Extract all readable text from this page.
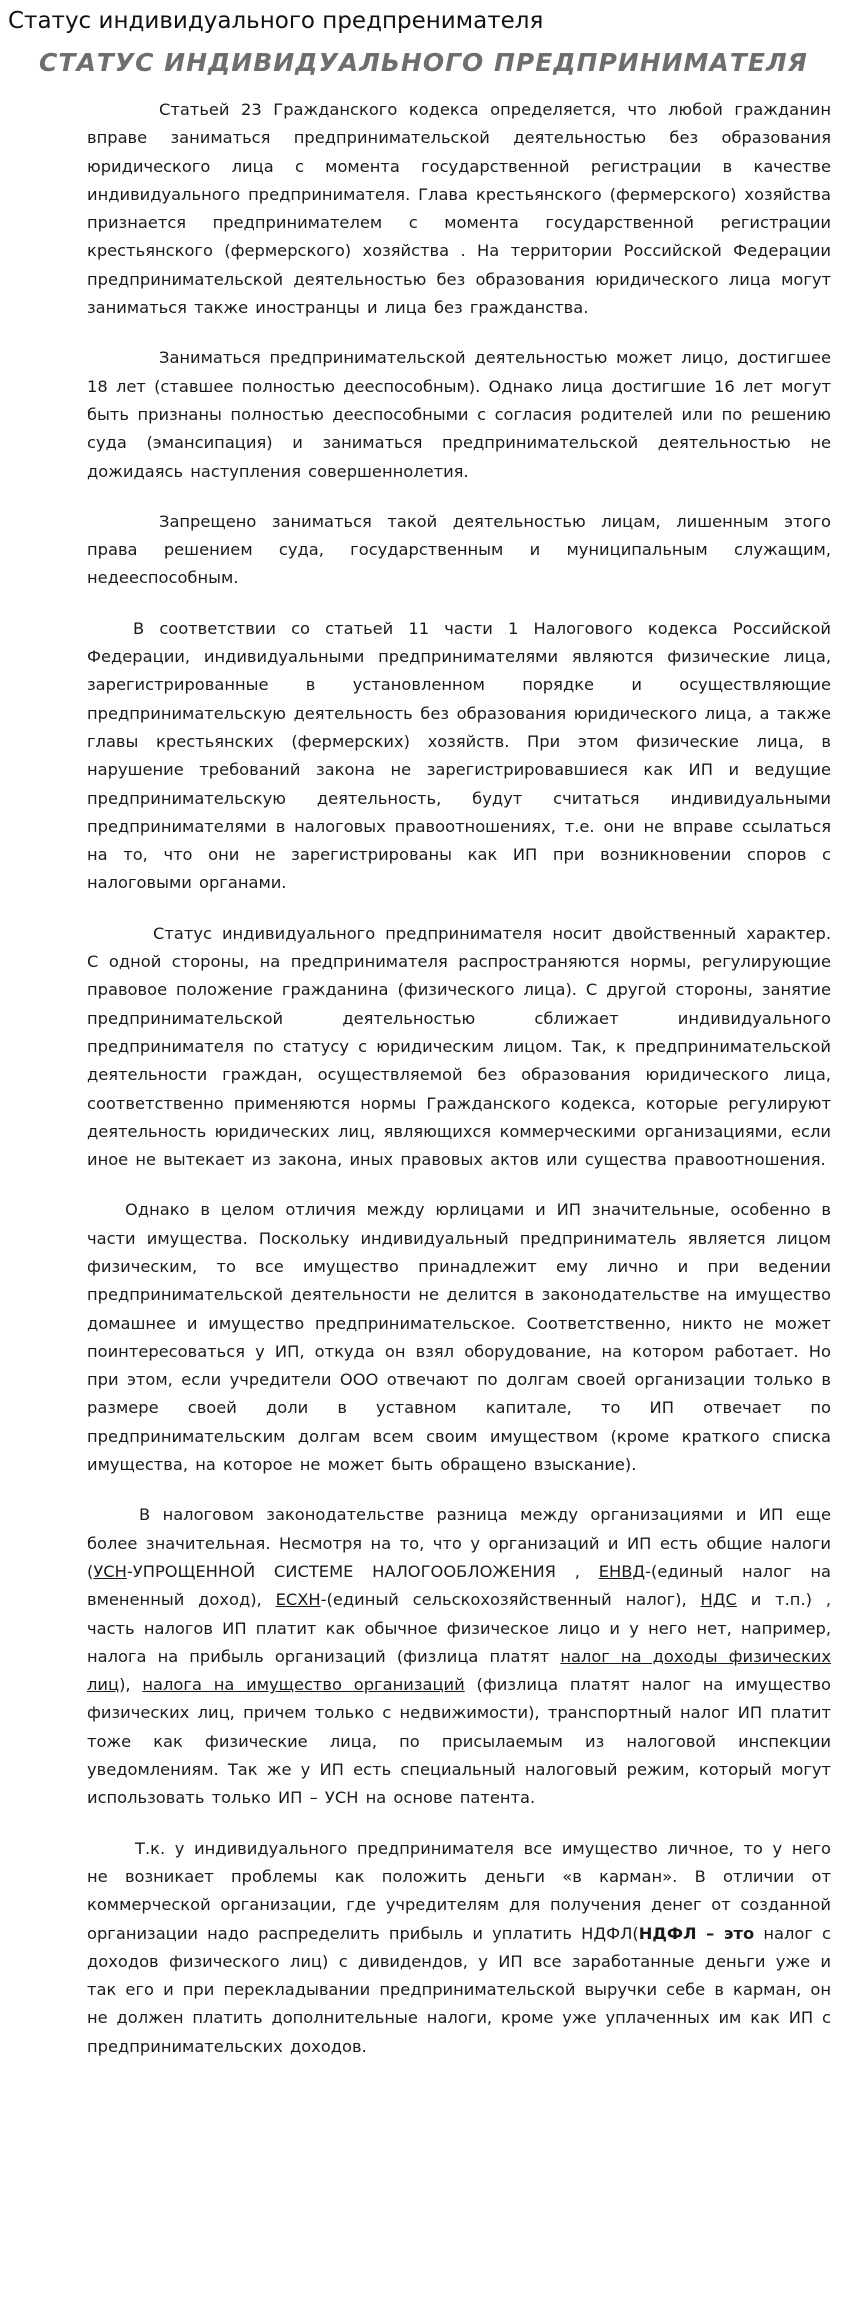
Статус индивидуального предпренимателя
СТАТУС ИНДИВИДУАЛЬНОГО ПРЕДПРИНИМАТЕЛЯ

Статьей 23 Гражданского кодекса определяется, что любой гражданин вправе заниматься предпринимательской деятельностью без образования юридического лица с момента государственной регистрации в качестве индивидуального предпринимателя. Глава крестьянского (фермерского) хозяйства признается предпринимателем с момента государственной регистрации крестьянского (фермерского) хозяйства . На территории Российской Федерации предпринимательской деятельностью без образования юридического лица могут заниматься также иностранцы и лица без гражданства.

Заниматься предпринимательской деятельностью может лицо, достигшее 18 лет (ставшее полностью дееспособным). Однако лица достигшие 16 лет могут быть признаны полностью дееспособными с согласия родителей или по решению суда (эмансипация) и заниматься предпринимательской деятельностью не дожидаясь наступления совершеннолетия.

Запрещено заниматься такой деятельностью лицам, лишенным этого права решением суда, государственным и муниципальным служащим, недееспособным.

В соответствии со статьей 11 части 1 Налогового кодекса Российской Федерации, индивидуальными предпринимателями являются физические лица, зарегистрированные в установленном порядке и осуществляющие предпринимательскую деятельность без образования юридического лица, а также главы крестьянских (фермерских) хозяйств. При этом физические лица, в нарушение требований закона не зарегистрировавшиеся как ИП и ведущие предпринимательскую деятельность, будут считаться индивидуальными предпринимателями в налоговых правоотношениях, т.е. они не вправе ссылаться на то, что они не зарегистрированы как ИП при возникновении споров с налоговыми органами.

Статус индивидуального предпринимателя носит двойственный характер. С одной стороны, на предпринимателя распространяются нормы, регулирующие правовое положение гражданина (физического лица). С другой стороны, занятие предпринимательской деятельностью сближает индивидуального предпринимателя по статусу с юридическим лицом. Так, к предпринимательской деятельности граждан, осуществляемой без образования юридического лица, соответственно применяются нормы Гражданского кодекса, которые регулируют деятельность юридических лиц, являющихся коммерческими организациями, если иное не вытекает из закона, иных правовых актов или существа правоотношения.

Однако в целом отличия между юрлицами и ИП значительные, особенно в части имущества. Поскольку индивидуальный предприниматель является лицом физическим, то все имущество принадлежит ему лично и при ведении предпринимательской деятельности не делится в законодательстве на имущество домашнее и имущество предпринимательское. Соответственно, никто не может поинтересоваться у ИП, откуда он взял оборудование, на котором работает. Но при этом, если учредители ООО отвечают по долгам своей организации только в размере своей доли в уставном капитале, то ИП отвечает по предпринимательским долгам всем своим имуществом (кроме краткого списка имущества, на которое не может быть обращено взыскание).

В налоговом законодательстве разница между организациями и ИП еще более значительная. Несмотря на то, что у организаций и ИП есть общие налоги (УСН-УПРОЩЕННОЙ СИСТЕМЕ НАЛОГООБЛОЖЕНИЯ , ЕНВД-(единый налог на вмененный доход), ЕСХН-(единый сельскохозяйственный налог), НДС и т.п.) , часть налогов ИП платит как обычное физическое лицо и у него нет, например, налога на прибыль организаций (физлица платят налог на доходы физических лиц), налога на имущество организаций (физлица платят налог на имущество физических лиц, причем только с недвижимости), транспортный налог ИП платит тоже как физические лица, по присылаемым из налоговой инспекции уведомлениям. Так же у ИП есть специальный налоговый режим, который могут использовать только ИП – УСН на основе патента.

Т.к. у индивидуального предпринимателя все имущество личное, то у него не возникает проблемы как положить деньги «в карман». В отличии от коммерческой организации, где учредителям для получения денег от созданной организации надо распределить прибыль и уплатить НДФЛ(НДФЛ – это налог с доходов физического лиц) с дивидендов, у ИП все заработанные деньги уже и так его и при перекладывании предпринимательской выручки себе в карман, он не должен платить дополнительные налоги, кроме уже уплаченных им как ИП с предпринимательских доходов.
